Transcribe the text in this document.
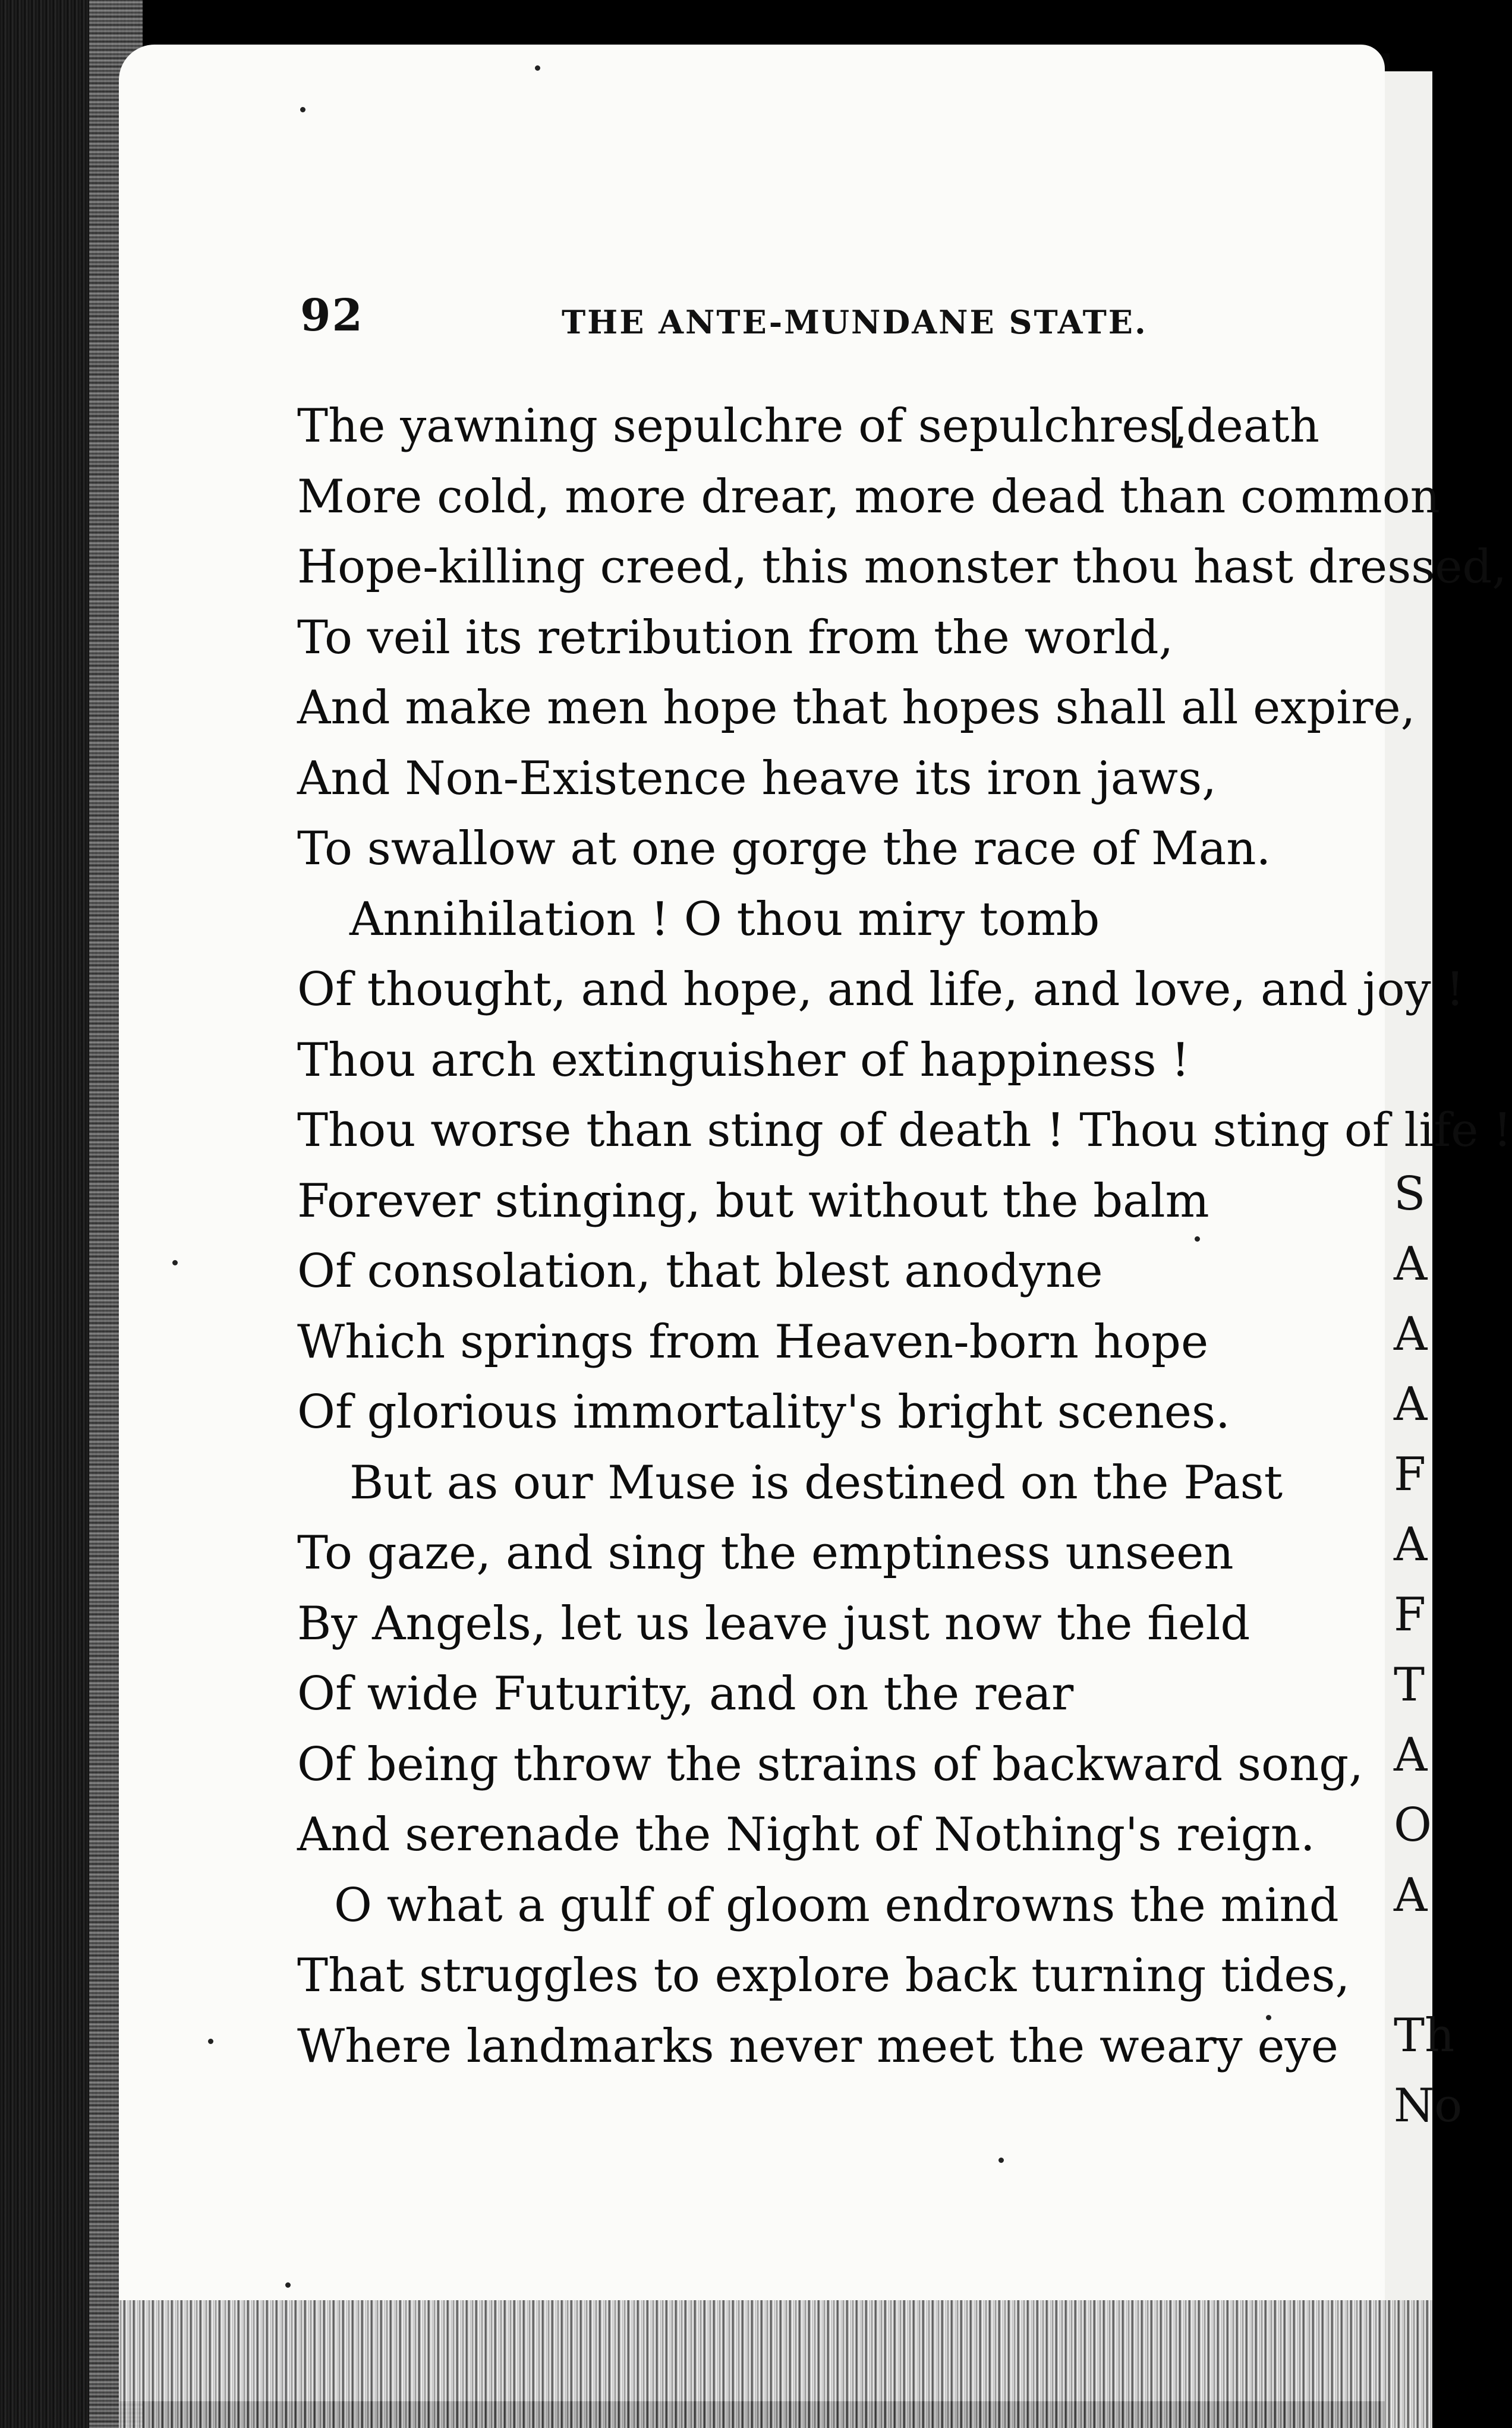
S
A
A
A
F
A
F
T
A
O
A
Th
No
92	THE ANTE-MUNDANE STATE.
The yawning sepulchre of sepulchres,
[death
More cold, more drear, more dead than common
Hope-killing creed, this monster thou hast dressed,
To veil its retribution from the world,
And make men hope that hopes shall all expire,
And Non-Existence heave its iron jaws,
To swallow at one gorge the race of Man.
Annihilation ! O thou miry tomb
Of thought, and hope, and life, and love, and joy !
Thou arch extinguisher of happiness !
Thou worse than sting of death ! Thou sting of life !
Forever stinging, but without the balm
Of consolation, that blest anodyne
Which springs from Heaven-born hope
Of glorious immortality's bright scenes.
But as our Muse is destined on the Past
To gaze, and sing the emptiness unseen
By Angels, let us leave just now the field
Of wide Futurity, and on the rear
Of being throw the strains of backward song,
And serenade the Night of Nothing's reign.
O what a gulf of gloom endrowns the mind
That struggles to explore back turning tides,
Where landmarks never meet the weary eye
